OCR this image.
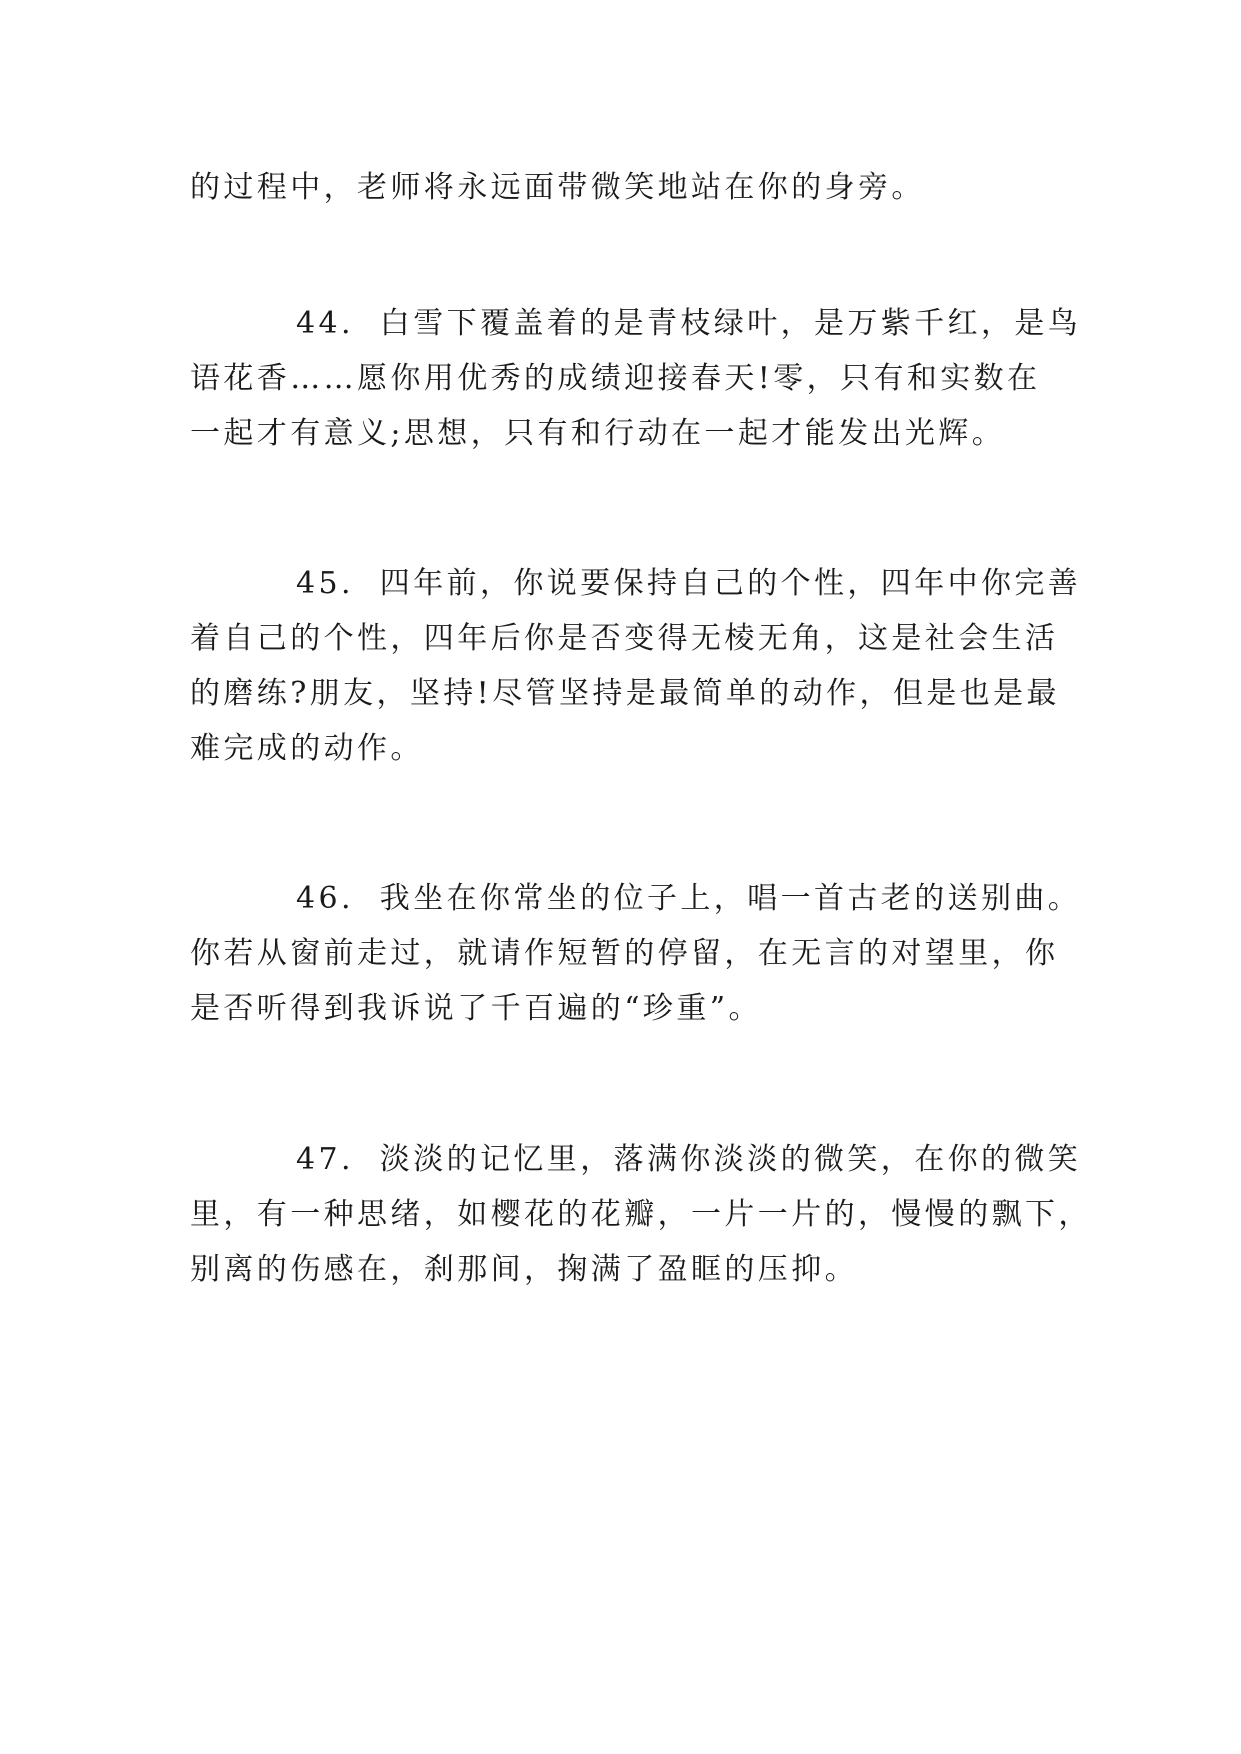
的过程中，老师将永远面带微笑地站在你的身旁。
44. 白雪下覆盖着的是青枝绿叶，是万紫千红，是鸟
语花香……愿你用优秀的成绩迎接春天!零，只有和实数在
一起才有意义;思想，只有和行动在一起才能发出光辉。
45. 四年前，你说要保持自己的个性，四年中你完善
着自己的个性，四年后你是否变得无棱无角，这是社会生活
的磨练?朋友，坚持!尽管坚持是最简单的动作，但是也是最
难完成的动作。
46. 我坐在你常坐的位子上，唱一首古老的送别曲。
你若从窗前走过，就请作短暂的停留，在无言的对望里，你
是否听得到我诉说了千百遍的“珍重”。
47. 淡淡的记忆里，落满你淡淡的微笑，在你的微笑
里，有一种思绪，如樱花的花瓣，一片一片的，慢慢的飘下，
别离的伤感在，刹那间，掬满了盈眶的压抑。
